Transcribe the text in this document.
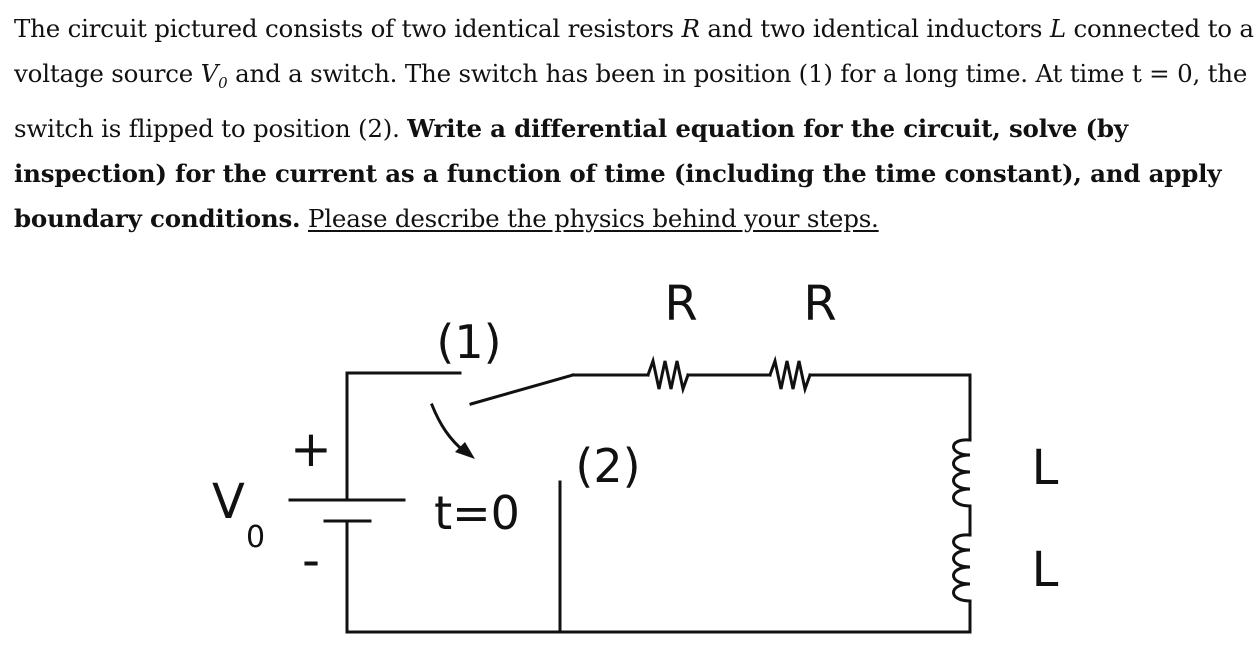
The circuit pictured consists of two identical resistors R and two identical inductors L connected to a voltage source $V_0$ and a switch. The switch has been in position (1) for a long time. At time t = 0, the switch is flipped to position (2). Write a differential equation for the circuit, solve (by inspection) for the current as a function of time (including the time constant), and apply boundary conditions. Please describe the physics behind your steps.
R R
(1)
(2)
t=0
L
L
V
0
+
-
